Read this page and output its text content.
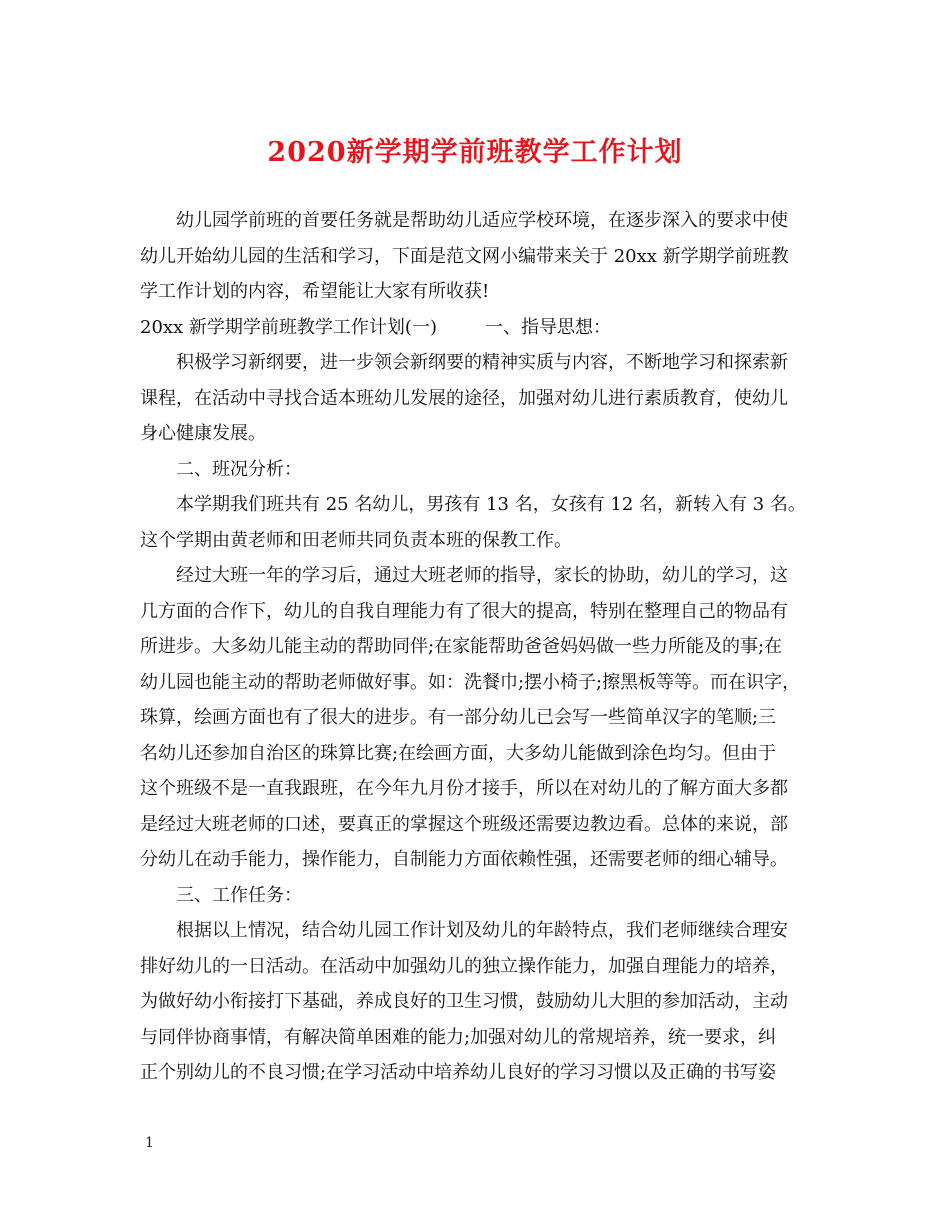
2020新学期学前班教学工作计划
幼儿园学前班的首要任务就是帮助幼儿适应学校环境，在逐步深入的要求中使
幼儿开始幼儿园的生活和学习，下面是范文网小编带来关于 20xx 新学期学前班教
学工作计划的内容，希望能让大家有所收获!
20xx 新学期学前班教学工作计划(一)	一、指导思想：
积极学习新纲要，进一步领会新纲要的精神实质与内容，不断地学习和探索新
课程，在活动中寻找合适本班幼儿发展的途径，加强对幼儿进行素质教育，使幼儿
身心健康发展。
二、班况分析：
本学期我们班共有 25 名幼儿，男孩有 13 名，女孩有 12 名，新转入有 3 名。
这个学期由黄老师和田老师共同负责本班的保教工作。
经过大班一年的学习后，通过大班老师的指导，家长的协助，幼儿的学习，这
几方面的合作下，幼儿的自我自理能力有了很大的提高，特别在整理自己的物品有
所进步。大多幼儿能主动的帮助同伴;在家能帮助爸爸妈妈做一些力所能及的事;在
幼儿园也能主动的帮助老师做好事。如：洗餐巾;摆小椅子;擦黑板等等。而在识字，
珠算，绘画方面也有了很大的进步。有一部分幼儿已会写一些简单汉字的笔顺;三
名幼儿还参加自治区的珠算比赛;在绘画方面，大多幼儿能做到涂色均匀。但由于
这个班级不是一直我跟班，在今年九月份才接手，所以在对幼儿的了解方面大多都
是经过大班老师的口述，要真正的掌握这个班级还需要边教边看。总体的来说，部
分幼儿在动手能力，操作能力，自制能力方面依赖性强，还需要老师的细心辅导。
三、工作任务：
根据以上情况，结合幼儿园工作计划及幼儿的年龄特点，我们老师继续合理安
排好幼儿的一日活动。在活动中加强幼儿的独立操作能力，加强自理能力的培养，
为做好幼小衔接打下基础，养成良好的卫生习惯，鼓励幼儿大胆的参加活动，主动
与同伴协商事情，有解决简单困难的能力;加强对幼儿的常规培养，统一要求，纠
正个别幼儿的不良习惯;在学习活动中培养幼儿良好的学习习惯以及正确的书写姿
1
